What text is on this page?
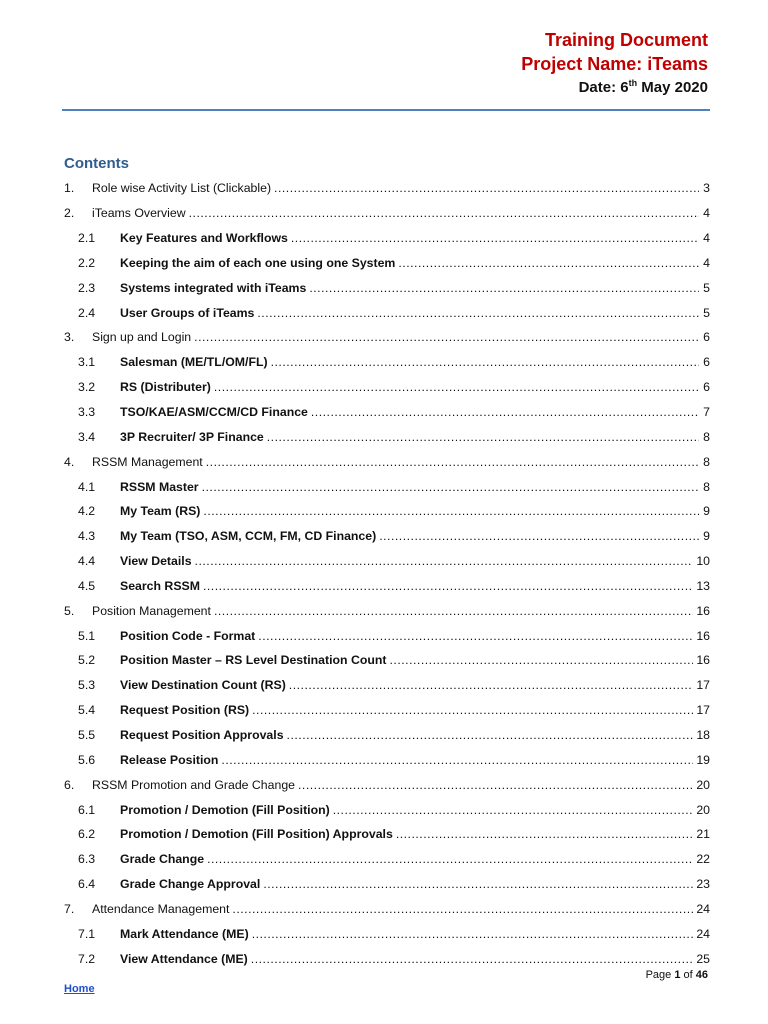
Training Document
Project Name: iTeams
Date: 6th May 2020
Contents
1.	Role wise Activity List (Clickable) .....	3
2.	iTeams Overview .....	4
2.1	Key Features and Workflows .....	4
2.2	Keeping the aim of each one using one System .....	4
2.3	Systems integrated with iTeams .....	5
2.4	User Groups of iTeams .....	5
3.	Sign up and Login .....	6
3.1	Salesman (ME/TL/OM/FL) .....	6
3.2	RS (Distributer) .....	6
3.3	TSO/KAE/ASM/CCM/CD Finance .....	7
3.4	3P Recruiter/ 3P Finance .....	8
4.	RSSM Management .....	8
4.1	RSSM Master .....	8
4.2	My Team (RS) .....	9
4.3	My Team (TSO, ASM, CCM, FM, CD Finance) .....	9
4.4	View Details .....	10
4.5	Search RSSM .....	13
5.	Position Management .....	16
5.1	Position Code - Format .....	16
5.2	Position Master – RS Level Destination Count .....	16
5.3	View Destination Count (RS) .....	17
5.4	Request Position (RS) .....	17
5.5	Request Position Approvals .....	18
5.6	Release Position .....	19
6.	RSSM Promotion and Grade Change .....	20
6.1	Promotion / Demotion (Fill Position) .....	20
6.2	Promotion / Demotion (Fill Position) Approvals .....	21
6.3	Grade Change .....	22
6.4	Grade Change Approval .....	23
7.	Attendance Management .....	24
7.1	Mark Attendance (ME) .....	24
7.2	View Attendance (ME) .....	25
Page 1 of 46
Home
